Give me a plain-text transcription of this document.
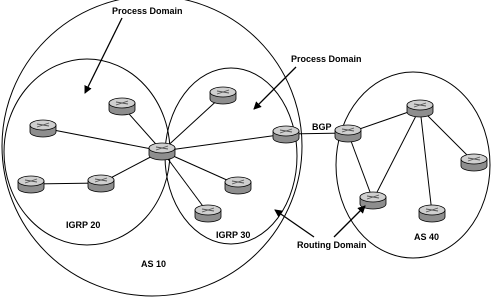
Process Domain
Process Domain
BGP
IGRP 20
IGRP 30	AS 40
AS 10
Routing Domain
